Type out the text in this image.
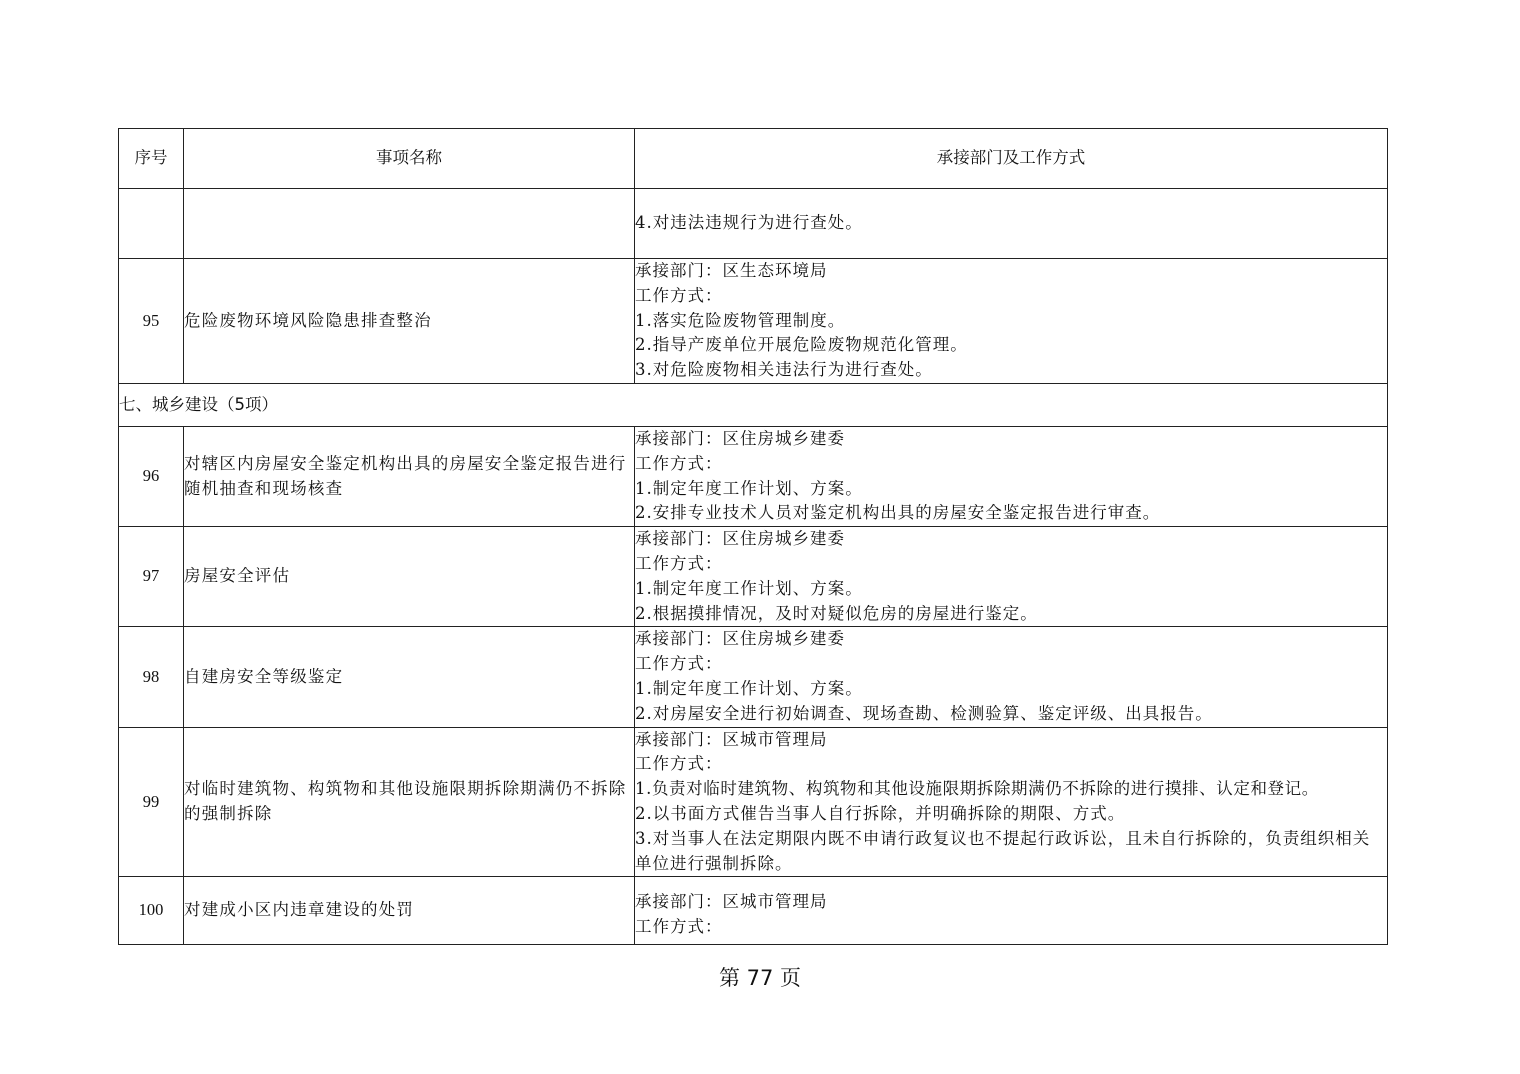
序号	事项名称	承接部门及工作方式

		4.对违法违规行为进行查处。

95	危险废物环境风险隐患排查整治	承接部门：区生态环境局
工作方式：
1.落实危险废物管理制度。
2.指导产废单位开展危险废物规范化管理。
3.对危险废物相关违法行为进行查处。

七、城乡建设（5项）		
96	对辖区内房屋安全鉴定机构出具的房屋安全鉴定报告进行随机抽查和现场核查	承接部门：区住房城乡建委
工作方式：
1.制定年度工作计划、方案。
2.安排专业技术人员对鉴定机构出具的房屋安全鉴定报告进行审查。

97	房屋安全评估	承接部门：区住房城乡建委
工作方式：
1.制定年度工作计划、方案。
2.根据摸排情况，及时对疑似危房的房屋进行鉴定。

98	自建房安全等级鉴定	承接部门：区住房城乡建委
工作方式：
1.制定年度工作计划、方案。
2.对房屋安全进行初始调查、现场查勘、检测验算、鉴定评级、出具报告。

99	对临时建筑物、构筑物和其他设施限期拆除期满仍不拆除的强制拆除	承接部门：区城市管理局
工作方式：
1.负责对临时建筑物、构筑物和其他设施限期拆除期满仍不拆除的进行摸排、认定和登记。
2.以书面方式催告当事人自行拆除，并明确拆除的期限、方式。
3.对当事人在法定期限内既不申请行政复议也不提起行政诉讼，且未自行拆除的，负责组织相关单位进行强制拆除。

100	对建成小区内违章建设的处罚	承接部门：区城市管理局
工作方式：
第 77 页
